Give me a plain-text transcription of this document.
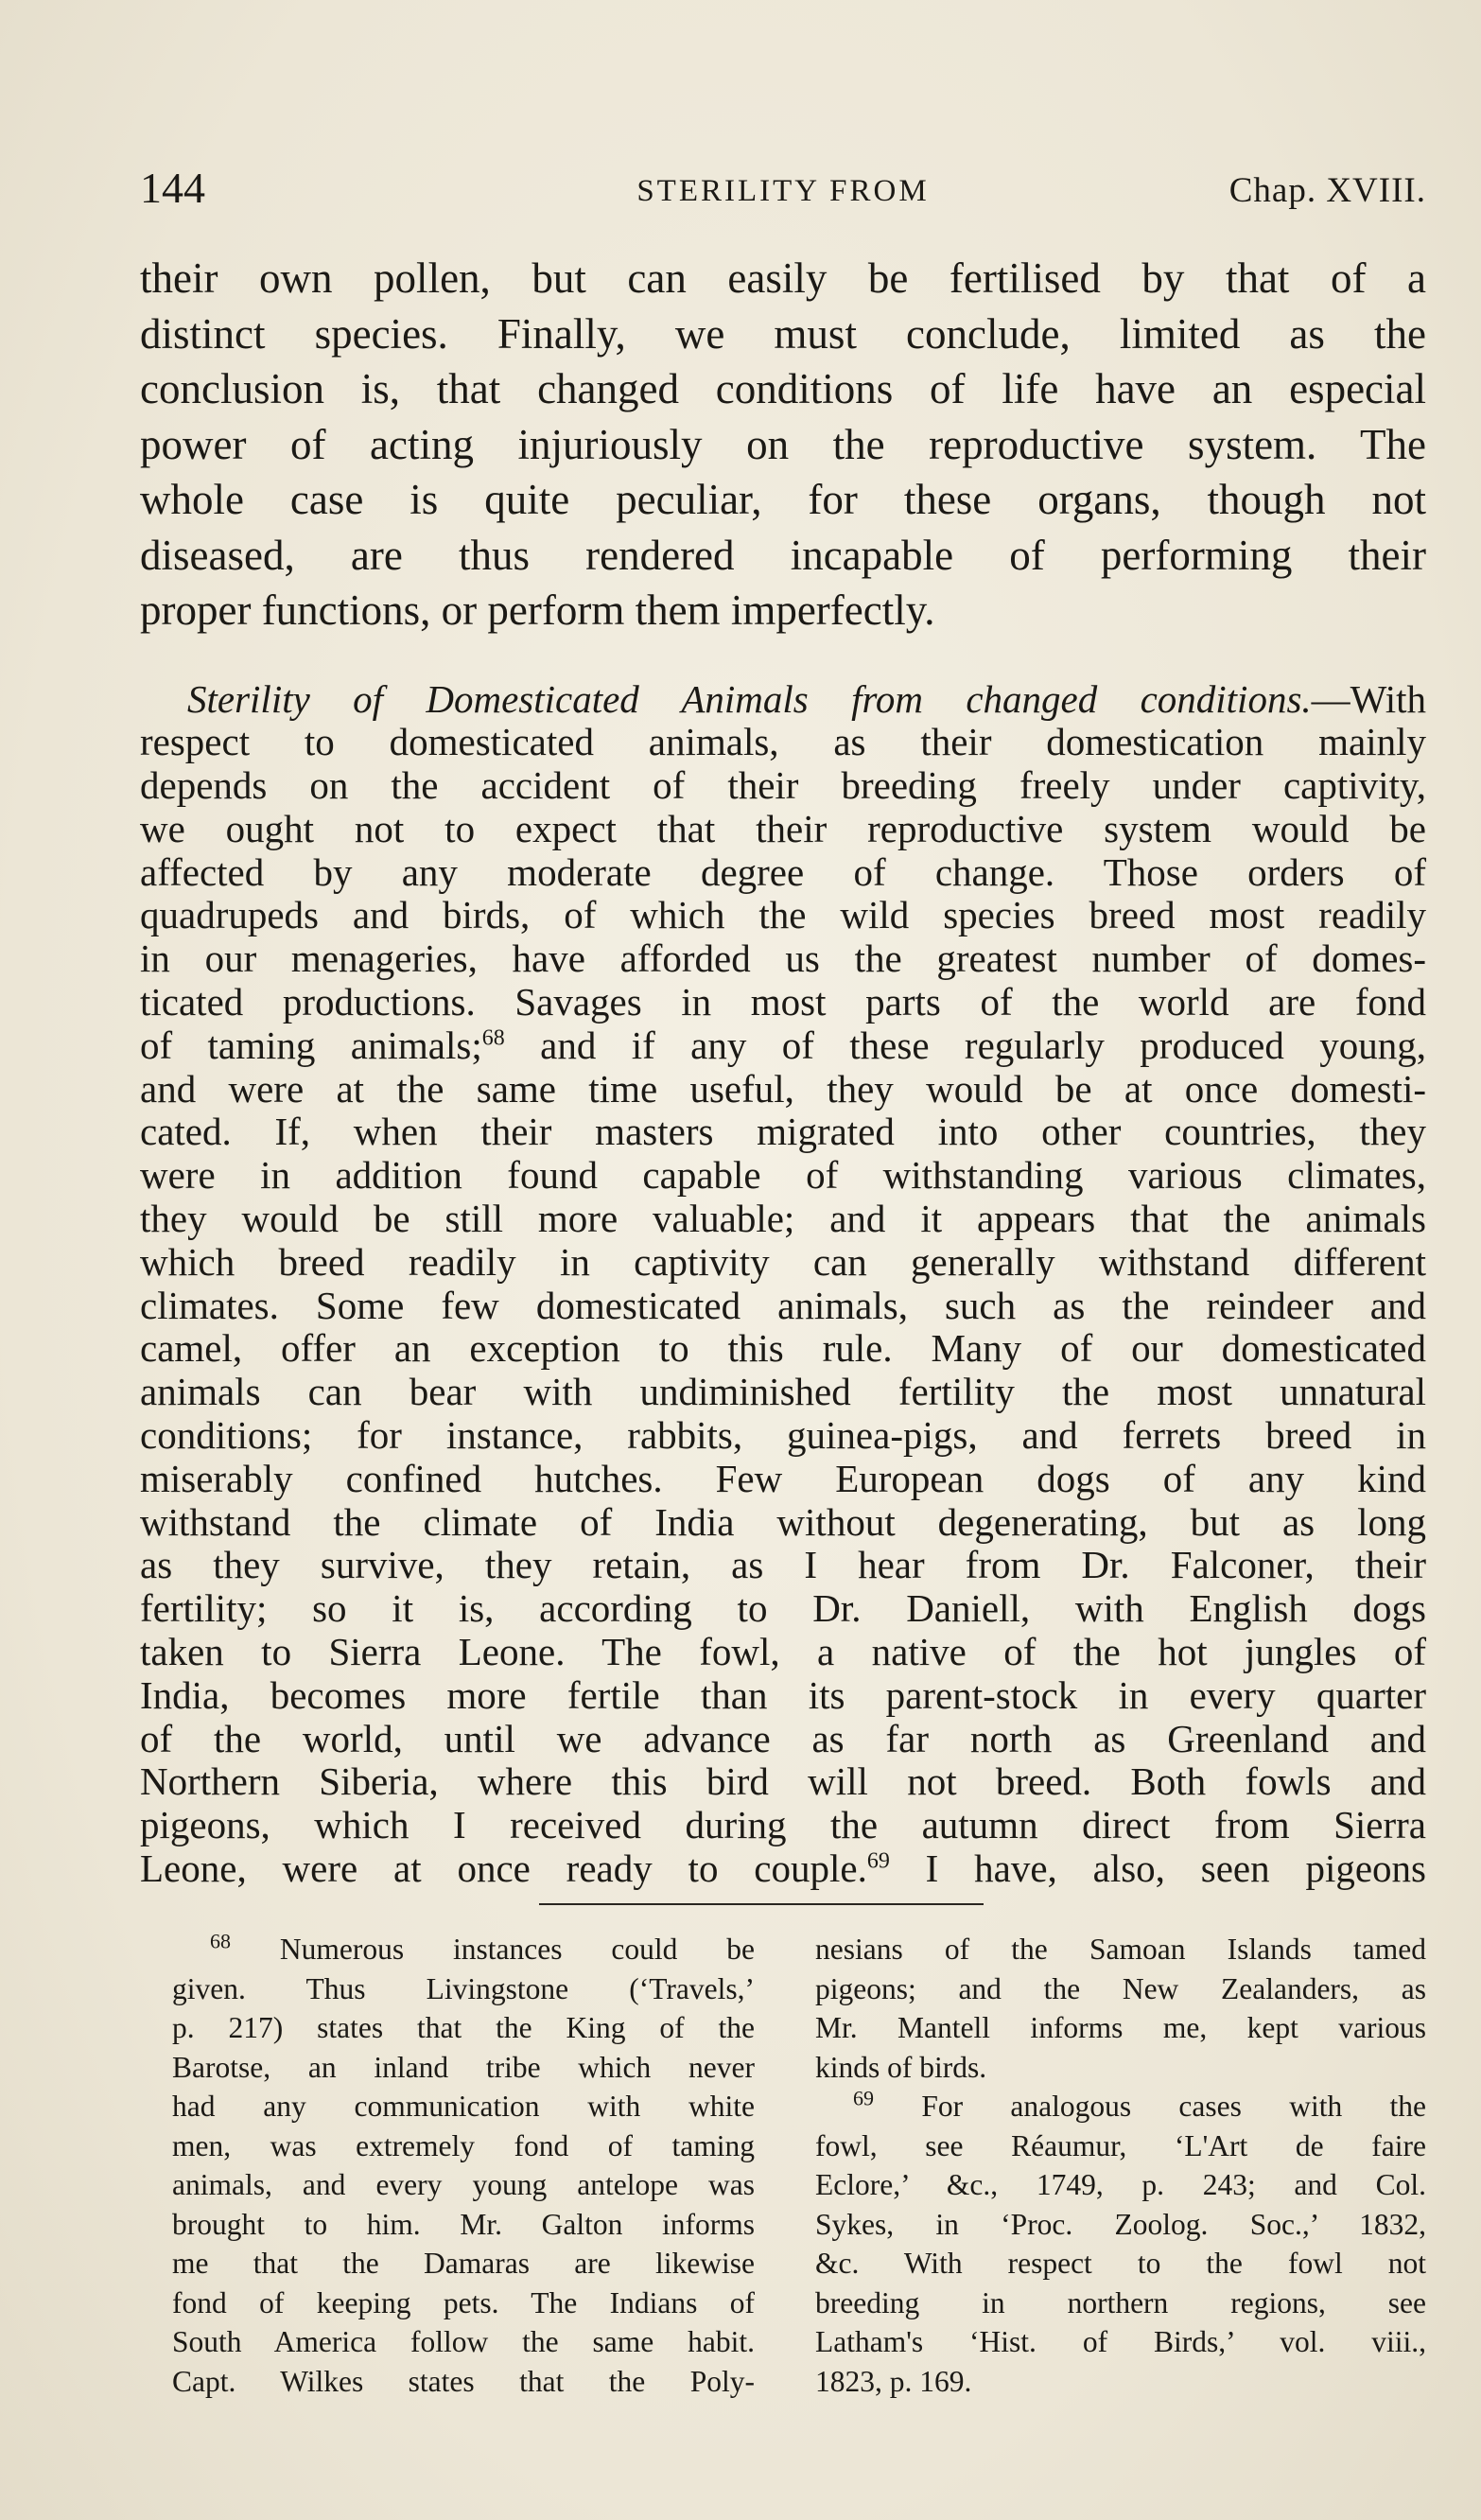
144	STERILITY FROM	Chap. XVIII.
their own pollen, but can easily be fertilised by that of a
distinct species. Finally, we must conclude, limited as the
conclusion is, that changed conditions of life have an especial
power of acting injuriously on the reproductive system. The
whole case is quite peculiar, for these organs, though not
diseased, are thus rendered incapable of performing their
proper functions, or perform them imperfectly.
Sterility of Domesticated Animals from changed conditions.—With
respect to domesticated animals, as their domestication mainly
depends on the accident of their breeding freely under captivity,
we ought not to expect that their reproductive system would be
affected by any moderate degree of change. Those orders of
quadrupeds and birds, of which the wild species breed most readily
in our menageries, have afforded us the greatest number of domes-
ticated productions. Savages in most parts of the world are fond
of taming animals;$^{68}$ and if any of these regularly produced young,
and were at the same time useful, they would be at once domesti-
cated. If, when their masters migrated into other countries, they
were in addition found capable of withstanding various climates,
they would be still more valuable; and it appears that the animals
which breed readily in captivity can generally withstand different
climates. Some few domesticated animals, such as the reindeer and
camel, offer an exception to this rule. Many of our domesticated
animals can bear with undiminished fertility the most unnatural
conditions; for instance, rabbits, guinea-pigs, and ferrets breed in
miserably confined hutches. Few European dogs of any kind
withstand the climate of India without degenerating, but as long
as they survive, they retain, as I hear from Dr. Falconer, their
fertility; so it is, according to Dr. Daniell, with English dogs
taken to Sierra Leone. The fowl, a native of the hot jungles of
India, becomes more fertile than its parent-stock in every quarter
of the world, until we advance as far north as Greenland and
Northern Siberia, where this bird will not breed. Both fowls and
pigeons, which I received during the autumn direct from Sierra
Leone, were at once ready to couple.$^{69}$ I have, also, seen pigeons
$^{68}$ Numerous instances could be
given. Thus Livingstone (‘Travels,’
p. 217) states that the King of the
Barotse, an inland tribe which never
had any communication with white
men, was extremely fond of taming
animals, and every young antelope was
brought to him. Mr. Galton informs
me that the Damaras are likewise
fond of keeping pets. The Indians of
South America follow the same habit.
Capt. Wilkes states that the Poly-
nesians of the Samoan Islands tamed
pigeons; and the New Zealanders, as
Mr. Mantell informs me, kept various
kinds of birds.
$^{69}$ For analogous cases with the
fowl, see Réaumur, ‘L'Art de faire
Eclore,’ &c., 1749, p. 243; and Col.
Sykes, in ‘Proc. Zoolog. Soc.,’ 1832,
&c. With respect to the fowl not
breeding in northern regions, see
Latham's ‘Hist. of Birds,’ vol. viii.,
1823, p. 169.
